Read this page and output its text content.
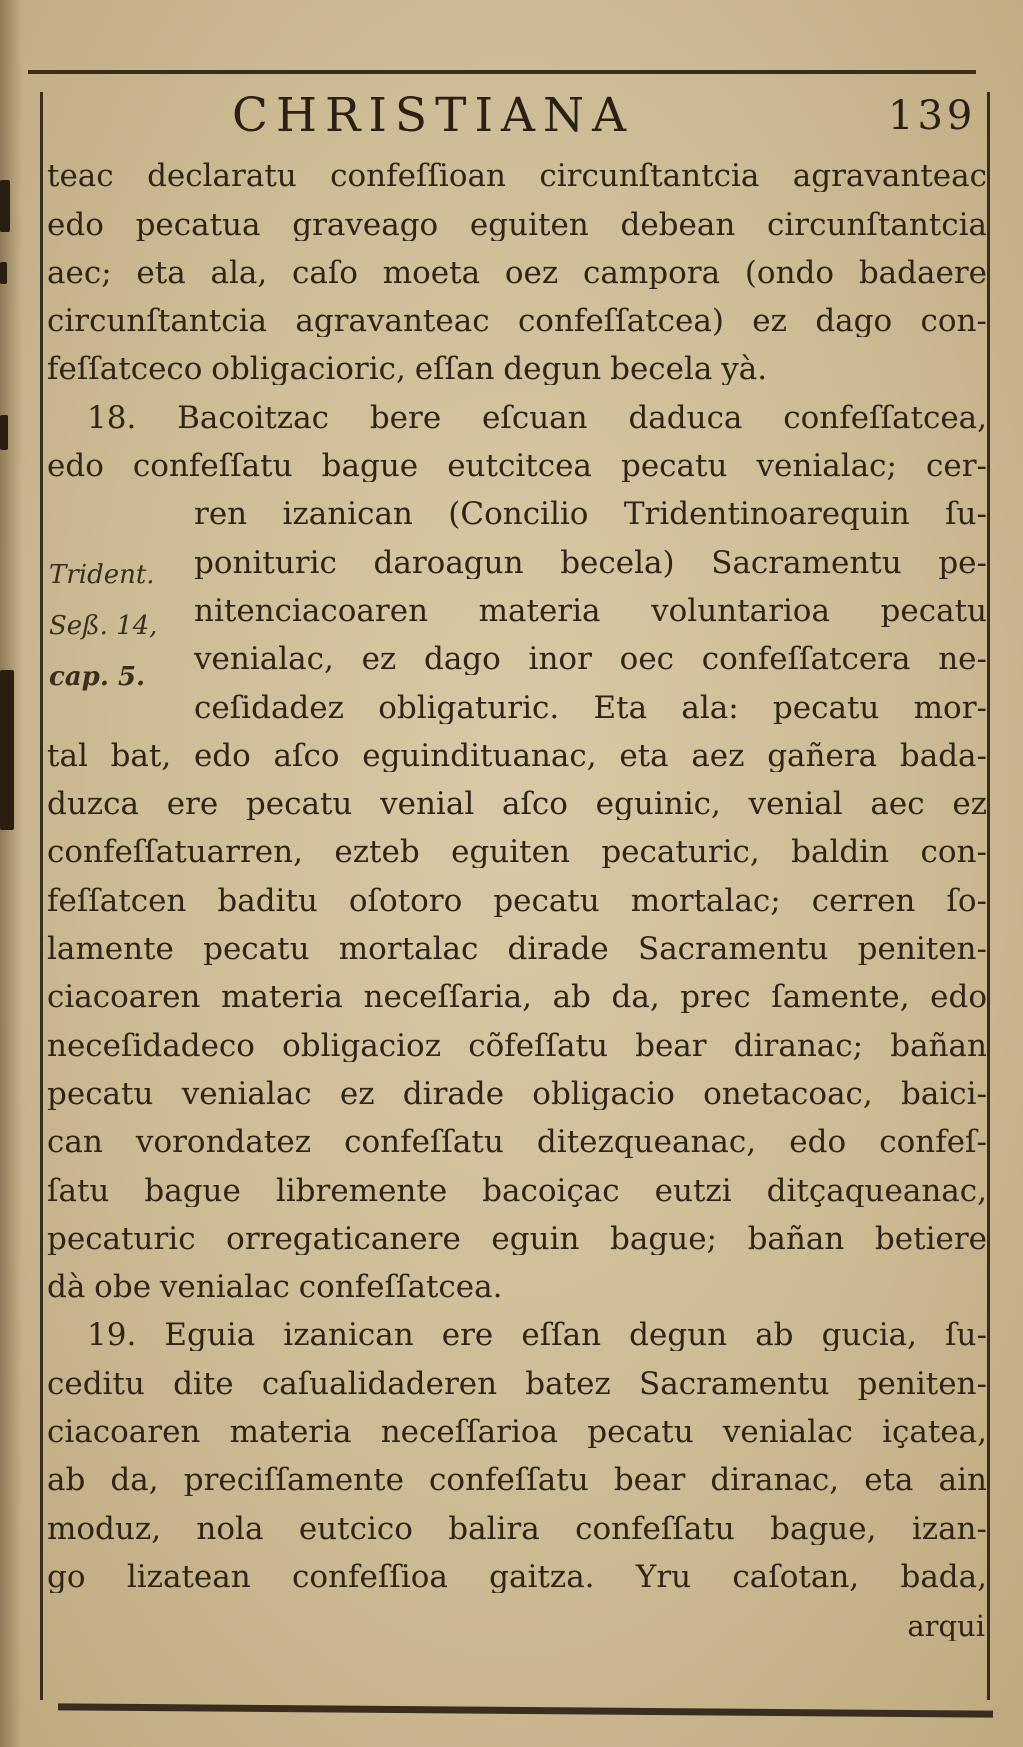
CHRISTIANA	139
Trident.
Seß. 14,
cap. 5.
teac declaratu confeſſioan circunſtantcia agravanteac
edo pecatua graveago eguiten debean circunſtantcia
aec; eta ala, caſo moeta oez campora (ondo badaere
circunſtantcia agravanteac confeſſatcea) ez dago con-
feſſatceco obligacioric, eſſan degun becela yà.
18. Bacoitzac bere eſcuan daduca confeſſatcea,
edo confeſſatu bague eutcitcea pecatu venialac; cer-
ren izanican (Concilio Tridentinoarequin ſu-
ponituric daroagun becela) Sacramentu pe-
nitenciacoaren materia voluntarioa pecatu
venialac, ez dago inor oec confeſſatcera ne-
ceſidadez obligaturic. Eta ala: pecatu mor-
tal bat, edo aſco eguindituanac, eta aez gañera bada-
duzca ere pecatu venial aſco eguinic, venial aec ez
confeſſatuarren, ezteb eguiten pecaturic, baldin con-
feſſatcen baditu oſotoro pecatu mortalac; cerren ſo-
lamente pecatu mortalac dirade Sacramentu peniten-
ciacoaren materia neceſſaria, ab da, prec ſamente, edo
neceſidadeco obligacioz cõfeſſatu bear diranac; bañan
pecatu venialac ez dirade obligacio onetacoac, baici-
can vorondatez confeſſatu ditezqueanac, edo confeſ-
ſatu bague libremente bacoiçac eutzi ditçaqueanac,
pecaturic orregaticanere eguin bague; bañan betiere
dà obe venialac confeſſatcea.
19. Eguia izanican ere eſſan degun ab gucia, ſu-
ceditu dite caſualidaderen batez Sacramentu peniten-
ciacoaren materia neceſſarioa pecatu venialac içatea,
ab da, preciſſamente confeſſatu bear diranac, eta ain
moduz, nola eutcico balira confeſſatu bague, izan-
go lizatean confeſſioa gaitza. Yru caſotan, bada,
arqui
